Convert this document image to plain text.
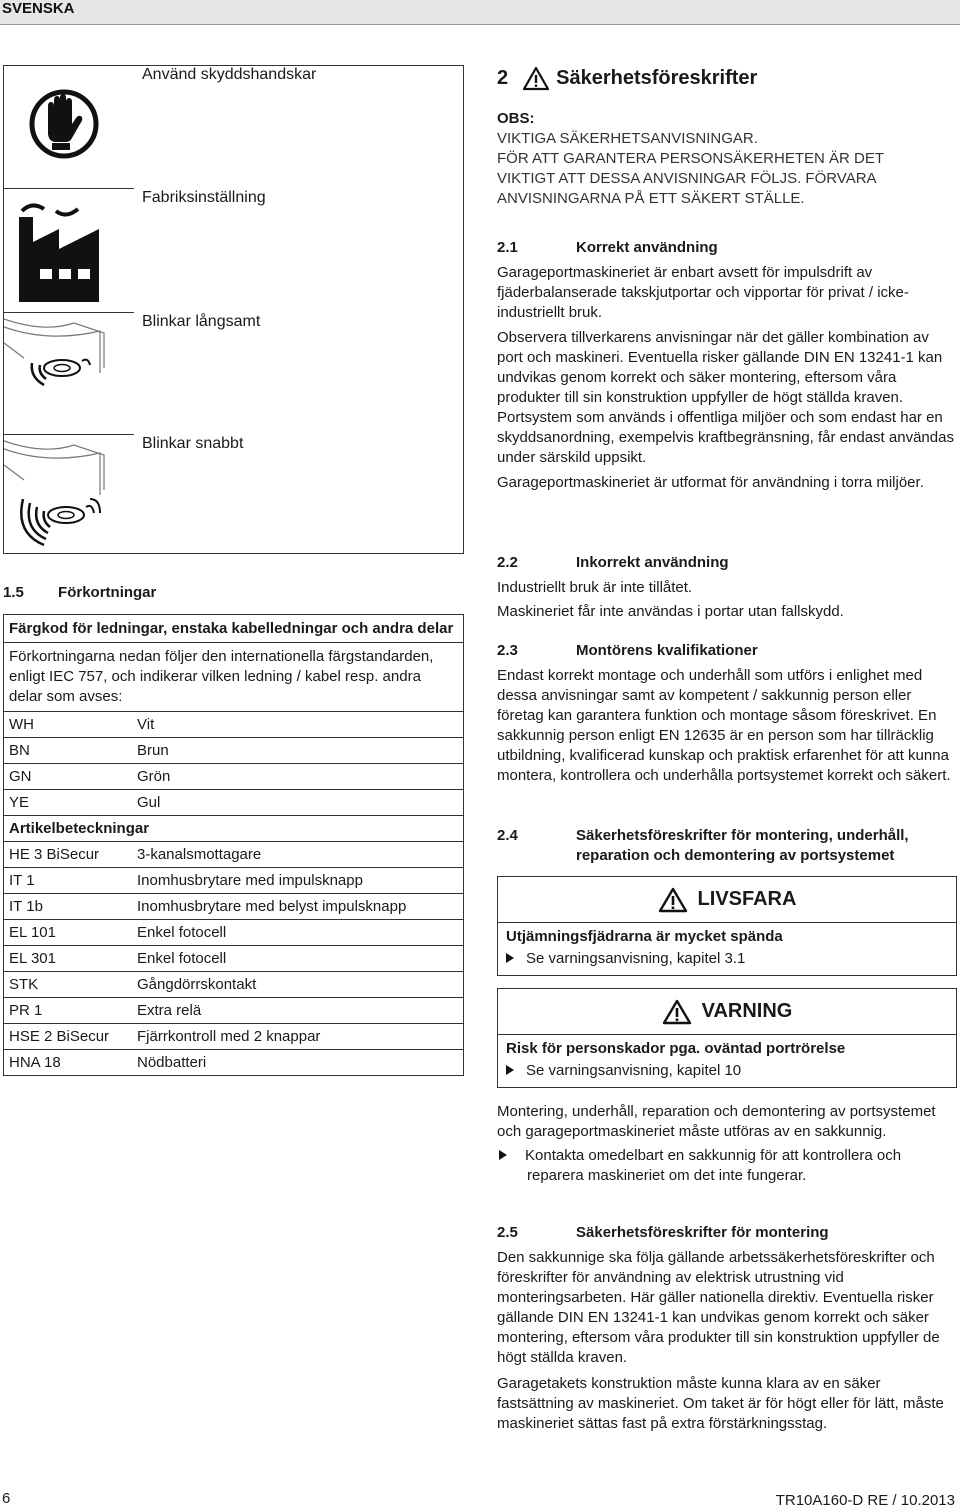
SVENSKA
Använd skyddshandskar
Fabriksinställning
Blinkar långsamt
Blinkar snabbt
1.5 Förkortningar
Färgkod för ledningar, enstaka kabelledningar och andra delar
Förkortningarna nedan följer den internationella färgstandarden, enligt IEC 757, och indikerar vilken ledning / kabel resp. andra delar som avses:
WH	Vit
BN	Brun
GN	Grön
YE	Gul
Artikelbeteckningar
HE 3 BiSecur	3-kanalsmottagare
IT 1	Inomhusbrytare med impulsknapp
IT 1b	Inomhusbrytare med belyst impulsknapp
EL 101	Enkel fotocell
EL 301	Enkel fotocell
STK	Gångdörrskontakt
PR 1	Extra relä
HSE 2 BiSecur	Fjärrkontroll med 2 knappar
HNA 18	Nödbatteri
2 Säkerhetsföreskrifter

OBS:

VIKTIGA SÄKERHETSANVISNINGAR.

FÖR ATT GARANTERA PERSONSÄKERHETEN ÄR DET

VIKTIGT ATT DESSA ANVISNINGAR FÖLJS. FÖRVARA

ANVISNINGARNA PÅ ETT SÄKERT STÄLLE.

2.1	Korrekt användning

Garageportmaskineriet är enbart avsett för impulsdrift av fjäderbalanserade takskjutportar och vipportar för privat / icke-industriellt bruk.

Observera tillverkarens anvisningar när det gäller kombination av port och maskineri. Eventuella risker gällande DIN EN 13241-1 kan undvikas genom korrekt och säker montering, eftersom våra produkter till sin konstruktion uppfyller de högt ställda kraven. Portsystem som används i offentliga miljöer och som endast har en skyddsanordning, exempelvis kraftbegränsning, får endast användas under särskild uppsikt.

Garageportmaskineriet är utformat för användning i torra miljöer.

2.2	Inkorrekt användning

Industriellt bruk är inte tillåtet.

Maskineriet får inte användas i portar utan fallskydd.

2.3	Montörens kvalifikationer

Endast korrekt montage och underhåll som utförs i enlighet med dessa anvisningar samt av kompetent / sakkunnig person eller företag kan garantera funktion och montage såsom föreskrivet. En sakkunnig person enligt EN 12635 är en person som har tillräcklig utbildning, kvalificerad kunskap och praktisk erfarenhet för att kunna montera, kontrollera och underhålla portsystemet korrekt och säkert.

2.4	Säkerhetsföreskrifter för montering, underhåll, reparation och demontering av portsystemet
LIVSFARA
Utjämningsfjädrarna är mycket spända
Se varningsanvisning, kapitel 3.1
VARNING
Risk för personskador pga. oväntad portrörelse
Se varningsanvisning, kapitel 10

Montering, underhåll, reparation och demontering av portsystemet och garageportmaskineriet måste utföras av en sakkunnig.

Kontakta omedelbart en sakkunnig för att kontrollera och reparera maskineriet om det inte fungerar.

2.5	Säkerhetsföreskrifter för montering

Den sakkunnige ska följa gällande arbetssäkerhetsföreskrifter och föreskrifter för användning av elektrisk utrustning vid monteringsarbeten. Här gäller nationella direktiv. Eventuella risker gällande DIN EN 13241-1 kan undvikas genom korrekt och säker montering, eftersom våra produkter till sin konstruktion uppfyller de högt ställda kraven.

Garagetakets konstruktion måste kunna klara av en säker fastsättning av maskineriet. Om taket är för högt eller för lätt, måste maskineriet sättas fast på extra förstärkningsstag.

6	TR10A160-D RE / 10.2013
